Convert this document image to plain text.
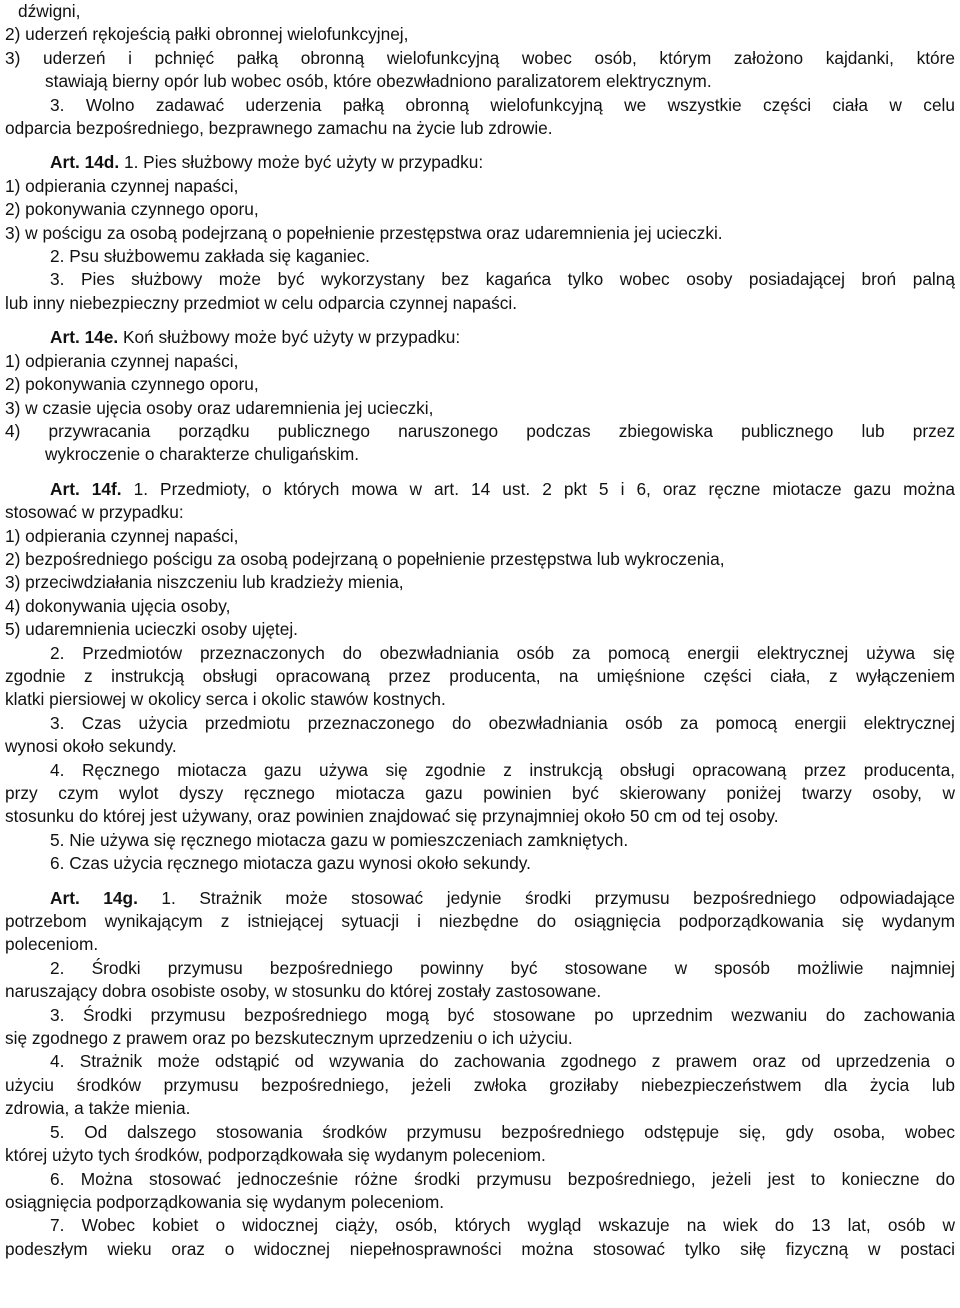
dźwigni,
2) uderzeń rękojeścią pałki obronnej wielofunkcyjnej,
3) uderzeń i pchnięć pałką obronną wielofunkcyjną wobec osób, którym założono kajdanki, które
stawiają bierny opór lub wobec osób, które obezwładniono paralizatorem elektrycznym.
3. Wolno zadawać uderzenia pałką obronną wielofunkcyjną we wszystkie części ciała w celu
odparcia bezpośredniego, bezprawnego zamachu na życie lub zdrowie.
Art. 14d. 1. Pies służbowy może być użyty w przypadku:
1) odpierania czynnej napaści,
2) pokonywania czynnego oporu,
3) w pościgu za osobą podejrzaną o popełnienie przestępstwa oraz udaremnienia jej ucieczki.
2. Psu służbowemu zakłada się kaganiec.
3. Pies służbowy może być wykorzystany bez kagańca tylko wobec osoby posiadającej broń palną
lub inny niebezpieczny przedmiot w celu odparcia czynnej napaści.
Art. 14e. Koń służbowy może być użyty w przypadku:
1) odpierania czynnej napaści,
2) pokonywania czynnego oporu,
3) w czasie ujęcia osoby oraz udaremnienia jej ucieczki,
4) przywracania porządku publicznego naruszonego podczas zbiegowiska publicznego lub przez
wykroczenie o charakterze chuligańskim.
Art. 14f. 1. Przedmioty, o których mowa w art. 14 ust. 2 pkt 5 i 6, oraz ręczne miotacze gazu można
stosować w przypadku:
1) odpierania czynnej napaści,
2) bezpośredniego pościgu za osobą podejrzaną o popełnienie przestępstwa lub wykroczenia,
3) przeciwdziałania niszczeniu lub kradzieży mienia,
4) dokonywania ujęcia osoby,
5) udaremnienia ucieczki osoby ujętej.
2. Przedmiotów przeznaczonych do obezwładniania osób za pomocą energii elektrycznej używa się
zgodnie z instrukcją obsługi opracowaną przez producenta, na umięśnione części ciała, z wyłączeniem
klatki piersiowej w okolicy serca i okolic stawów kostnych.
3. Czas użycia przedmiotu przeznaczonego do obezwładniania osób za pomocą energii elektrycznej
wynosi około sekundy.
4. Ręcznego miotacza gazu używa się zgodnie z instrukcją obsługi opracowaną przez producenta,
przy czym wylot dyszy ręcznego miotacza gazu powinien być skierowany poniżej twarzy osoby, w
stosunku do której jest używany, oraz powinien znajdować się przynajmniej około 50 cm od tej osoby.
5. Nie używa się ręcznego miotacza gazu w pomieszczeniach zamkniętych.
6. Czas użycia ręcznego miotacza gazu wynosi około sekundy.
Art. 14g. 1. Strażnik może stosować jedynie środki przymusu bezpośredniego odpowiadające
potrzebom wynikającym z istniejącej sytuacji i niezbędne do osiągnięcia podporządkowania się wydanym
poleceniom.
2. Środki przymusu bezpośredniego powinny być stosowane w sposób możliwie najmniej
naruszający dobra osobiste osoby, w stosunku do której zostały zastosowane.
3. Środki przymusu bezpośredniego mogą być stosowane po uprzednim wezwaniu do zachowania
się zgodnego z prawem oraz po bezskutecznym uprzedzeniu o ich użyciu.
4. Strażnik może odstąpić od wzywania do zachowania zgodnego z prawem oraz od uprzedzenia o
użyciu środków przymusu bezpośredniego, jeżeli zwłoka groziłaby niebezpieczeństwem dla życia lub
zdrowia, a także mienia.
5. Od dalszego stosowania środków przymusu bezpośredniego odstępuje się, gdy osoba, wobec
której użyto tych środków, podporządkowała się wydanym poleceniom.
6. Można stosować jednocześnie różne środki przymusu bezpośredniego, jeżeli jest to konieczne do
osiągnięcia podporządkowania się wydanym poleceniom.
7. Wobec kobiet o widocznej ciąży, osób, których wygląd wskazuje na wiek do 13 lat, osób w
podeszłym wieku oraz o widocznej niepełnosprawności można stosować tylko siłę fizyczną w postaci
